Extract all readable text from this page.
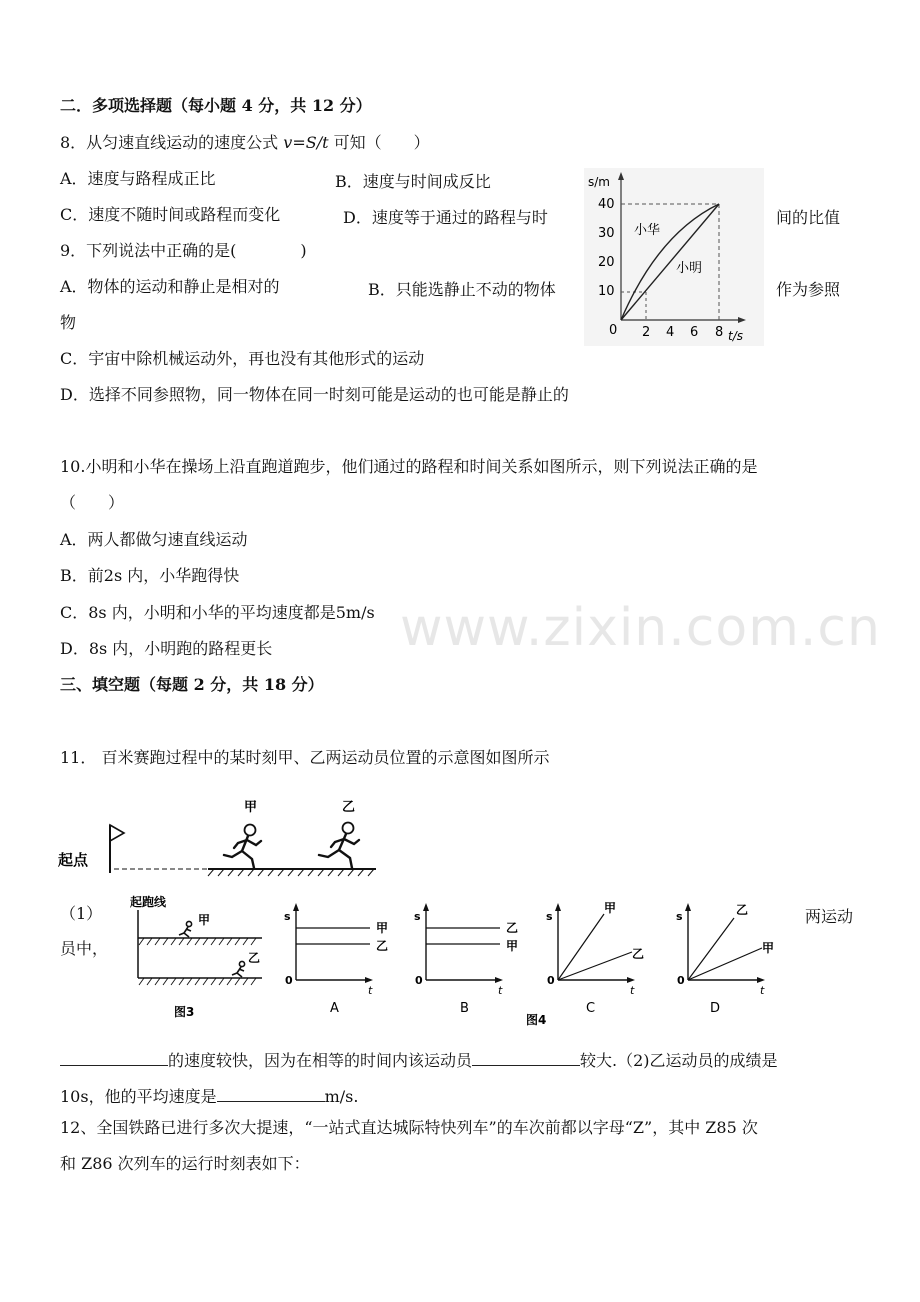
二．多项选择题（每小题 4 分，共 12 分）
8．从匀速直线运动的速度公式 v=S∕t 可知（　　）
A．速度与路程成正比	B．速度与时间成反比
C．速度不随时间或路程而变化	D．速度等于通过的路程与时	间的比值
9．下列说法中正确的是(　　　　)
A．物体的运动和静止是相对的	B．只能选静止不动的物体	作为参照
物
C．宇宙中除机械运动外，再也没有其他形式的运动
D．选择不同参照物，同一物体在同一时刻可能是运动的也可能是静止的
s/m
t/s
40
30
20
10
0 2 4 6 8
小华
小明
10.小明和小华在操场上沿直跑道跑步，他们通过的路程和时间关系如图所示，则下列说法正确的是
（　　）
A．两人都做匀速直线运动
B．前2s 内，小华跑得快
C．8s 内，小明和小华的平均速度都是5m/s
D．8s 内，小明跑的路程更长
三、填空题（每题 2 分，共 18 分）
11． 百米赛跑过程中的某时刻甲、乙两运动员位置的示意图如图所示
起点
甲	乙
（1）	两运动
员中，
起跑线
甲
乙
图3
s
t
0
甲
乙
A
s
t
0
乙
甲
B
s
t
0
甲
乙
C
s
t
0
乙
甲
D
图4
的速度较快，因为在相等的时间内该运动员	较大.（2)乙运动员的成绩是
10s，他的平均速度是	m/s.
12、全国铁路已进行多次大提速，“一站式直达城际特快列车”的车次前都以字母“Z”，其中 Z85 次
和 Z86 次列车的运行时刻表如下：
www.zixin.com.cn
